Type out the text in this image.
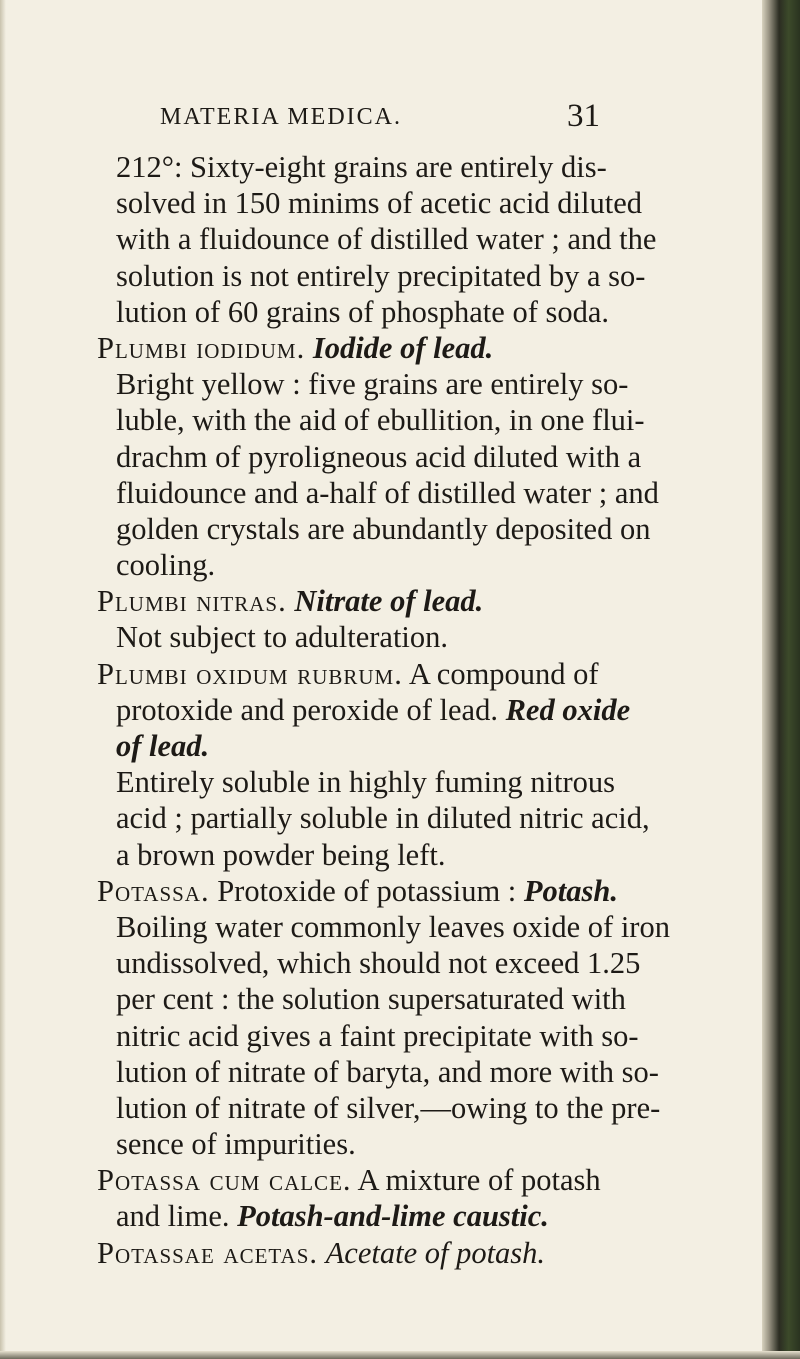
MATERIA MEDICA.	31
212°: Sixty-eight grains are entirely dis-
solved in 150 minims of acetic acid diluted
with a fluidounce of distilled water ; and the
solution is not entirely precipitated by a so-
lution of 60 grains of phosphate of soda.
Plumbi iodidum. Iodide of lead.
Bright yellow : five grains are entirely so-
luble, with the aid of ebullition, in one flui-
drachm of pyroligneous acid diluted with a
fluidounce and a-half of distilled water ; and
golden crystals are abundantly deposited on
cooling.
Plumbi nitras. Nitrate of lead.
Not subject to adulteration.
Plumbi oxidum rubrum. A compound of
protoxide and peroxide of lead. Red oxide
of lead.
Entirely soluble in highly fuming nitrous
acid ; partially soluble in diluted nitric acid,
a brown powder being left.
Potassa. Protoxide of potassium : Potash.
Boiling water commonly leaves oxide of iron
undissolved, which should not exceed 1.25
per cent : the solution supersaturated with
nitric acid gives a faint precipitate with so-
lution of nitrate of baryta, and more with so-
lution of nitrate of silver,—owing to the pre-
sence of impurities.
Potassa cum calce. A mixture of potash
and lime. Potash-and-lime caustic.
Potassae acetas. Acetate of potash.
